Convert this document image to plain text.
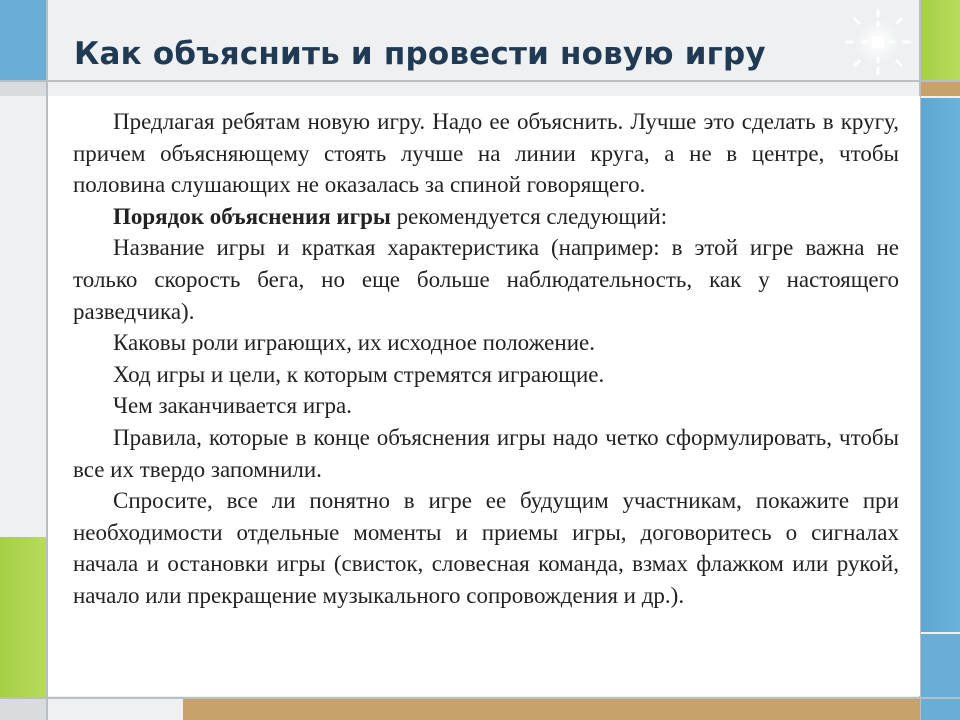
Как объяснить и провести новую игру

Предлагая ребятам новую игру. Надо ее объяснить. Лучше это сделать в кругу, причем объясняющему стоять лучше на линии круга, а не в центре, чтобы половина слушающих не оказалась за спиной говорящего.

Порядок объяснения игры рекомендуется следующий:

Название игры и краткая характеристика (например: в этой игре важна не только скорость бега, но еще больше наблюдательность, как у настоящего разведчика).

Каковы роли играющих, их исходное положение.

Ход игры и цели, к которым стремятся играющие.

Чем заканчивается игра.

Правила, которые в конце объяснения игры надо четко сформулировать, чтобы все их твердо запомнили.

Спросите, все ли понятно в игре ее будущим участникам, покажите при необходимости отдельные моменты и приемы игры, договоритесь о сигналах начала и остановки игры (свисток, словесная команда, взмах флажком или рукой, начало или прекращение музыкального сопровождения и др.).
